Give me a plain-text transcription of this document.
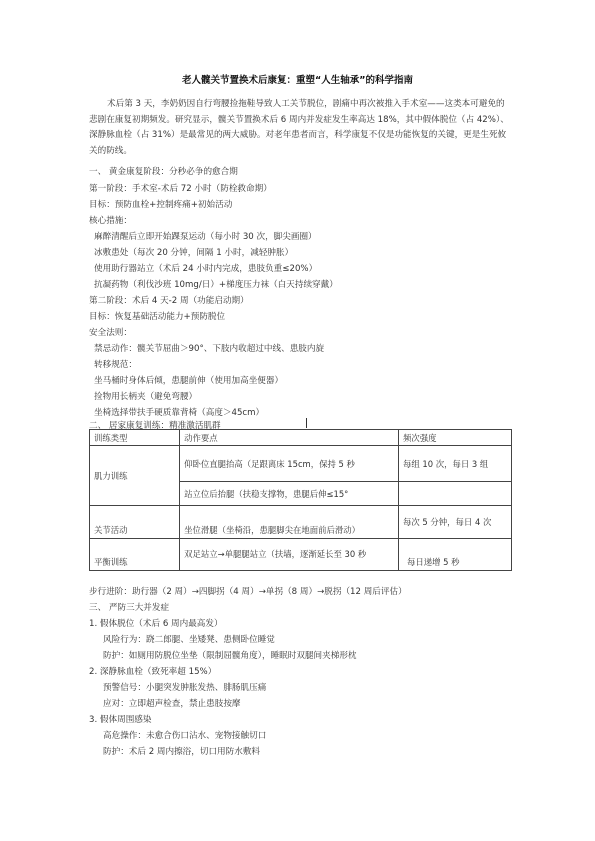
老人髋关节置换术后康复：重塑“人生轴承”的科学指南
术后第 3 天，李奶奶因自行弯腰捡拖鞋导致人工关节脱位，剧痛中再次被推入手术室——这类本可避免的悲剧在康复初期频发。研究显示，髋关节置换术后 6 周内并发症发生率高达 18%，其中假体脱位（占 42%）、深静脉血栓（占 31%）是最常见的两大威胁。对老年患者而言，科学康复不仅是功能恢复的关键，更是生死攸关的防线。
一、 黄金康复阶段：分秒必争的愈合期
第一阶段：手术室-术后 72 小时（防栓救命期）
目标：预防血栓+控制疼痛+初始活动
核心措施：
麻醉清醒后立即开始踝泵运动（每小时 30 次，脚尖画圈）
冰敷患处（每次 20 分钟，间隔 1 小时，减轻肿胀）
使用助行器站立（术后 24 小时内完成，患肢负重≤20%）
抗凝药物（利伐沙班 10mg/日）+梯度压力袜（白天持续穿戴）
第二阶段：术后 4 天-2 周（功能启动期）
目标：恢复基础活动能力+预防脱位
安全法则：
禁忌动作：髋关节屈曲＞90°、下肢内收超过中线、患肢内旋
转移规范：
坐马桶时身体后倾，患腿前伸（使用加高坐便器）
捡物用长柄夹（避免弯腰）
坐椅选择带扶手硬质靠背椅（高度＞45cm）
二、 居家康复训练：精准激活肌群
训练类型	动作要点	频次强度
肌力训练	仰卧位直腿抬高（足跟离床 15cm，保持 5 秒	每组 10 次，每日 3 组
	站立位后抬腿（扶稳支撑物，患腿后伸≤15°	
关节活动	坐位滑腿（坐椅沿，患腿脚尖在地面前后滑动）	每次 5 分钟，每日 4 次
平衡训练	双足站立→单腿腿站立（扶墙，逐渐延长至 30 秒	每日递增 5 秒
步行进阶：助行器（2 周）→四脚拐（4 周）→单拐（8 周）→脱拐（12 周后评估）
三、 严防三大并发症
1. 假体脱位（术后 6 周内最高发）
风险行为：跷二郎腿、坐矮凳、患侧卧位睡觉
防护：如厕用防脱位坐垫（限制屈髋角度），睡眠时双腿间夹梯形枕
2. 深静脉血栓（致死率超 15%）
预警信号：小腿突发肿胀发热、腓肠肌压痛
应对：立即超声检查，禁止患肢按摩
3. 假体周围感染
高危操作：未愈合伤口沾水、宠物接触切口
防护：术后 2 周内擦浴，切口用防水敷料
